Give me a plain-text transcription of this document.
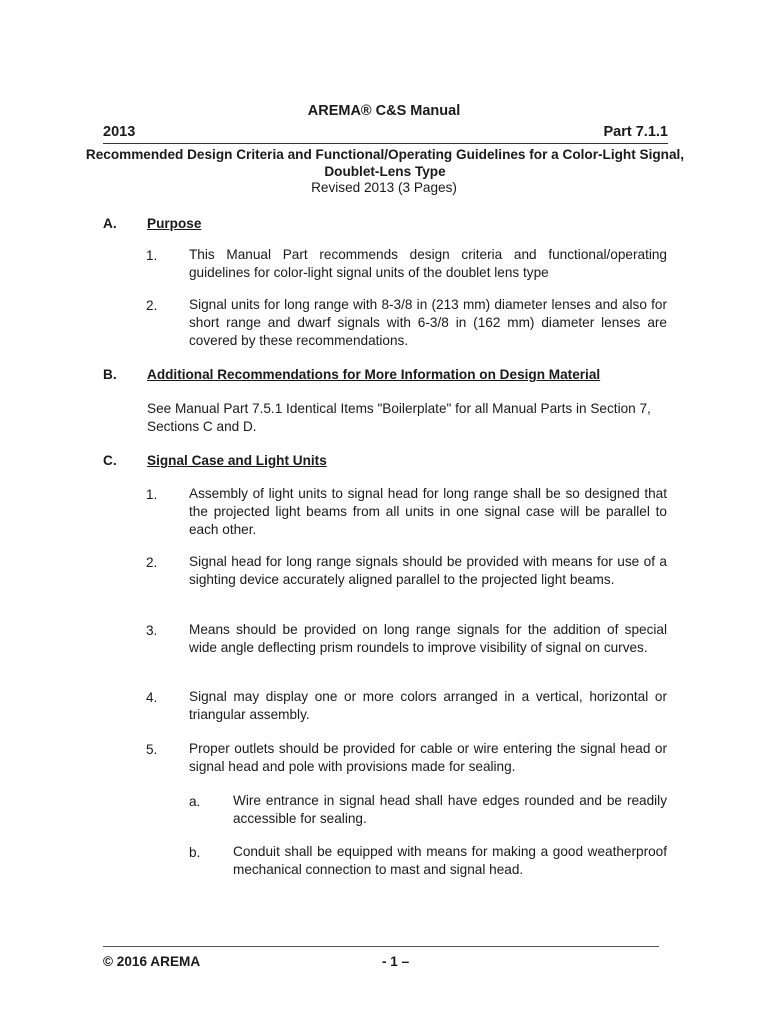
AREMA® C&S Manual
2013	Part 7.1.1
Recommended Design Criteria and Functional/Operating Guidelines for a Color-Light Signal, Doublet-Lens Type
Revised 2013 (3 Pages)
A. Purpose
1. This Manual Part recommends design criteria and functional/operating guidelines for color-light signal units of the doublet lens type
2. Signal units for long range with 8-3/8 in (213 mm) diameter lenses and also for short range and dwarf signals with 6-3/8 in (162 mm) diameter lenses are covered by these recommendations.
B. Additional Recommendations for More Information on Design Material
See Manual Part 7.5.1 Identical Items "Boilerplate" for all Manual Parts in Section 7, Sections C and D.
C. Signal Case and Light Units
1. Assembly of light units to signal head for long range shall be so designed that the projected light beams from all units in one signal case will be parallel to each other.
2. Signal head for long range signals should be provided with means for use of a sighting device accurately aligned parallel to the projected light beams.
3. Means should be provided on long range signals for the addition of special wide angle deflecting prism roundels to improve visibility of signal on curves.
4. Signal may display one or more colors arranged in a vertical, horizontal or triangular assembly.
5. Proper outlets should be provided for cable or wire entering the signal head or signal head and pole with provisions made for sealing.
a. Wire entrance in signal head shall have edges rounded and be readily accessible for sealing.
b. Conduit shall be equipped with means for making a good weatherproof mechanical connection to mast and signal head.
© 2016 AREMA	- 1 –
